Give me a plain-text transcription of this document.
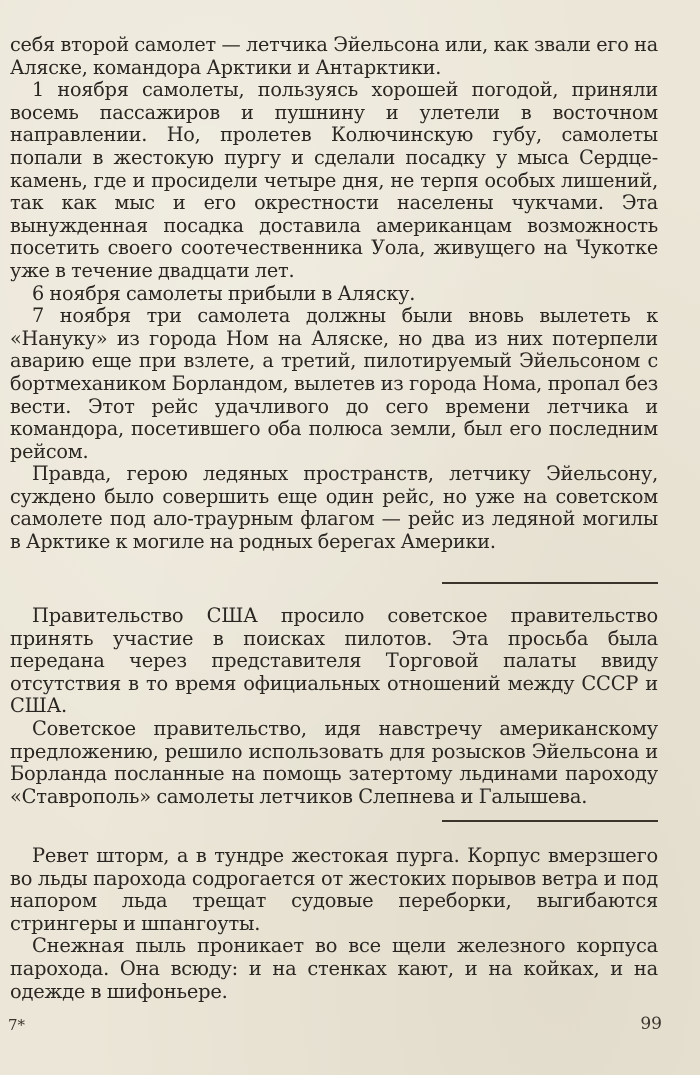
себя второй самолет — летчика Эйельсона или, как звали его на Аляске, командора Арктики и Антарктики.

1 ноября самолеты, пользуясь хорошей погодой, приняли восемь пассажиров и пушнину и улетели в восточном направлении. Но, пролетев Колючинскую губу, самолеты попали в жестокую пургу и сделали посадку у мыса Сердце-камень, где и просидели четыре дня, не терпя особых лишений, так как мыс и его окрестности населены чукчами. Эта вынужденная посадка доставила американцам возможность посетить своего соотечественника Уола, живущего на Чукотке уже в течение двадцати лет.

6 ноября самолеты прибыли в Аляску.

7 ноября три самолета должны были вновь вылететь к «Нануку» из города Ном на Аляске, но два из них потерпели аварию еще при взлете, а третий, пилотируемый Эйельсоном с бортмехаником Борландом, вылетев из города Нома, пропал без вести. Этот рейс удачливого до сего времени летчика и командора, посетившего оба полюса земли, был его последним рейсом.

Правда, герою ледяных пространств, летчику Эйельсону, суждено было совершить еще один рейс, но уже на советском самолете под ало-траурным флагом — рейс из ледяной могилы в Арктике к могиле на родных берегах Америки.

Правительство США просило советское правительство принять участие в поисках пилотов. Эта просьба была передана через представителя Торговой палаты ввиду отсутствия в то время официальных отношений между СССР и США.

Советское правительство, идя навстречу американскому предложению, решило использовать для розысков Эйельсона и Борланда посланные на помощь затертому льдинами пароходу «Ставрополь» самолеты летчиков Слепнева и Галышева.

Ревет шторм, а в тундре жестокая пурга. Корпус вмерзшего во льды парохода содрогается от жестоких порывов ветра и под напором льда трещат судовые переборки, выгибаются стрингеры и шпангоуты.

Снежная пыль проникает во все щели железного корпуса парохода. Она всюду: и на стенках кают, и на койках, и на одежде в шифоньере.

7*	99
